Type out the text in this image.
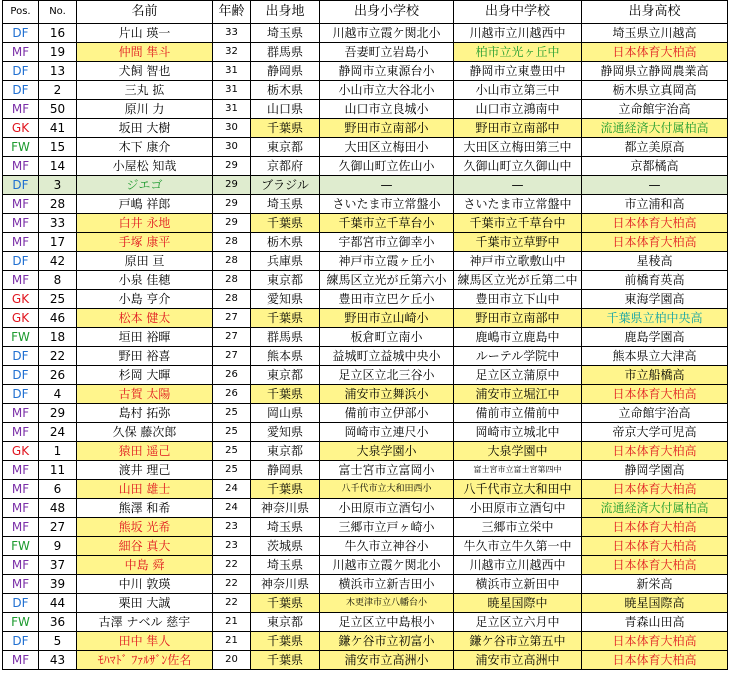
Pos.	No.	名前	年齢	出身地	出身小学校	出身中学校	出身高校
DF	16	片山 瑛一	33	埼玉県	川越市立霞ケ関北小	川越市立川越西中	埼玉県立川越高
MF	19	仲間 隼斗	32	群馬県	吾妻町立岩島小	柏市立光ヶ丘中	日本体育大柏高
DF	13	犬飼 智也	31	静岡県	静岡市立東源台小	静岡市立東豊田中	静岡県立静岡農業高
DF	2	三丸 拡	31	栃木県	小山市立大谷北小	小山市立第三中	栃木県立真岡高
MF	50	原川 力	31	山口県	山口市立良城小	山口市立鴻南中	立命館宇治高
GK	41	坂田 大樹	30	千葉県	野田市立南部小	野田市立南部中	流通経済大付属柏高
FW	15	木下 康介	30	東京都	大田区立梅田小	大田区立梅田第三中	都立美原高
MF	14	小屋松 知哉	29	京都府	久御山町立佐山小	久御山町立久御山中	京都橘高
DF	3	ジエゴ	29	ブラジル	—	—	—
MF	28	戸嶋 祥郎	29	埼玉県	さいたま市立常盤小	さいたま市立常盤中	市立浦和高
MF	33	白井 永地	29	千葉県	千葉市立千草台小	千葉市立千草台中	日本体育大柏高
MF	17	手塚 康平	28	栃木県	宇都宮市立御幸小	千葉市立草野中	日本体育大柏高
DF	42	原田 亘	28	兵庫県	神戸市立霞ヶ丘小	神戸市立歌敷山中	星稜高
MF	8	小泉 佳穂	28	東京都	練馬区立光が丘第六小	練馬区立光が丘第二中	前橋育英高
GK	25	小島 亨介	28	愛知県	豊田市立巴ケ丘小	豊田市立下山中	東海学園高
GK	46	松本 健太	27	千葉県	野田市立山崎小	野田市立南部中	千葉県立柏中央高
FW	18	垣田 裕暉	27	群馬県	板倉町立南小	鹿嶋市立鹿島中	鹿島学園高
DF	22	野田 裕喜	27	熊本県	益城町立益城中央小	ルーテル学院中	熊本県立大津高
DF	26	杉岡 大暉	26	東京都	足立区立北三谷小	足立区立蒲原中	市立船橋高
DF	4	古賀 太陽	26	千葉県	浦安市立舞浜小	浦安市立堀江中	日本体育大柏高
MF	29	島村 拓弥	25	岡山県	備前市立伊部小	備前市立備前中	立命館宇治高
MF	24	久保 藤次郎	25	愛知県	岡崎市立連尺小	岡崎市立城北中	帝京大学可児高
GK	1	猿田 遥己	25	東京都	大泉学園小	大泉学園中	日本体育大柏高
MF	11	渡井 理己	25	静岡県	富士宮市立富岡小	富士宮市立富士宮第四中	静岡学園高
MF	6	山田 雄士	24	千葉県	八千代市立大和田西小	八千代市立大和田中	日本体育大柏高
MF	48	熊澤 和希	24	神奈川県	小田原市立酒匂小	小田原市立酒匂中	流通経済大付属柏高
MF	27	熊坂 光希	23	埼玉県	三郷市立戸ヶ崎小	三郷市立栄中	日本体育大柏高
FW	9	細谷 真大	23	茨城県	牛久市立神谷小	牛久市立牛久第一中	日本体育大柏高
MF	37	中島 舜	22	埼玉県	川越市立霞ケ関北小	川越市立川越西中	日本体育大柏高
MF	39	中川 敦瑛	22	神奈川県	横浜市立新吉田小	横浜市立新田中	新栄高
DF	44	栗田 大誠	22	千葉県	木更津市立八幡台小	暁星国際中	暁星国際高
FW	36	古澤 ナベル 慈宇	21	東京都	足立区立中島根小	足立区立六月中	青森山田高
DF	5	田中 隼人	21	千葉県	鎌ケ谷市立初富小	鎌ケ谷市立第五中	日本体育大柏高
MF	43	ﾓﾊﾏﾄﾞ ﾌｧﾙｻﾞﾝ佐名	20	千葉県	浦安市立高洲小	浦安市立高洲中	日本体育大柏高
